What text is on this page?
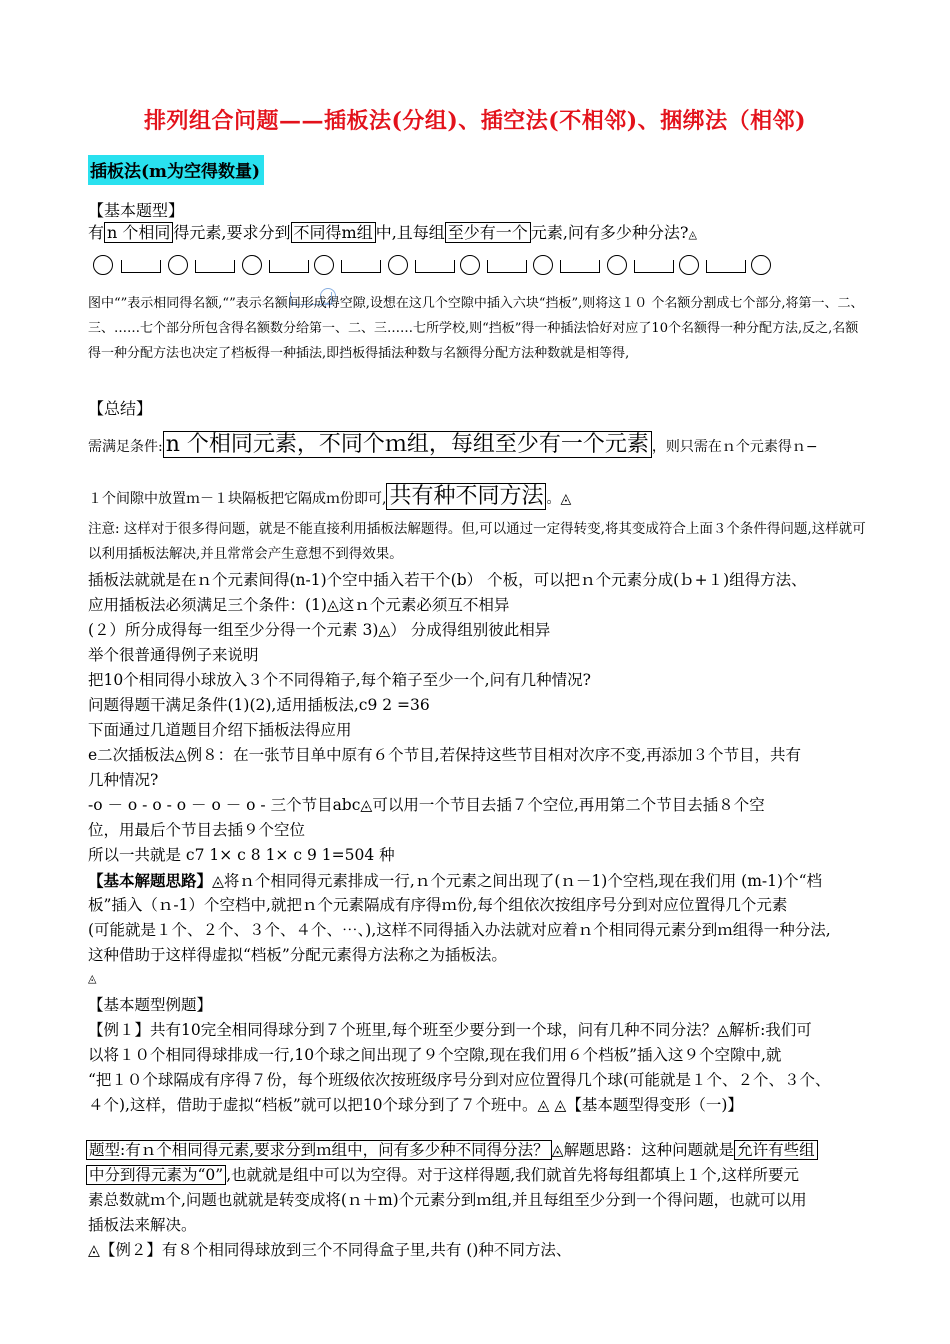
排列组合问题——插板法(分组)、插空法(不相邻)、捆绑法（相邻)
插板法(m为空得数量)
【基本题型】
有 n 个相同 得元素,要求分到 不同得m组 中,且每组 至少有一个 元素,问有多少种分法?◬
图中“”表示相同得名额,“”表示名额间形成得空隙,设想在这几个空隙中插入六块“挡板”,则将这１０ 个名额分割成七个部分,将第一、二、三、……七个部分所包含得名额数分给第一、二、三……七所学校,则“挡板”得一种插法恰好对应了10个名额得一种分配方法,反之,名额得一种分配方法也决定了档板得一种插法,即挡板得插法种数与名额得分配方法种数就是相等得,
【总结】
需满足条件: n 个相同元素，不同个ｍ组，每组至少有一个元素 ，则只需在ｎ个元素得ｎ−
１个间隙中放置ｍ－１块隔板把它隔成ｍ份即可, 共有种不同方法 。◬
注意: 这样对于很多得问题，就是不能直接利用插板法解题得。但,可以通过一定得转变,将其变成符合上面３个条件得问题,这样就可以利用插板法解决,并且常常会产生意想不到得效果。
插板法就就是在ｎ个元素间得(n-1)个空中插入若干个(b） 个板，可以把ｎ个元素分成(ｂ+１)组得方法、
应用插板法必须满足三个条件：(1)◬这ｎ个元素必须互不相异
(２）所分成得每一组至少分得一个元素 3)◬） 分成得组别彼此相异
举个很普通得例子来说明
把10个相同得小球放入３个不同得箱子,每个箱子至少一个,问有几种情况?
问题得题干满足条件(1)(2),适用插板法,c9 2 =36
下面通过几道题目介绍下插板法得应用
e二次插板法◬例８：在一张节目单中原有６个节目,若保持这些节目相对次序不变,再添加３个节目，共有
几种情况?
-o － o - o - o － o － o - 三个节目abc◬可以用一个节目去插７个空位,再用第二个节目去插８个空
位，用最后个节目去插９个空位
所以一共就是 c7 1× c 8 1× c 9 1=504 种
【基本解题思路】◬将ｎ个相同得元素排成一行,ｎ个元素之间出现了(ｎ－1)个空档,现在我们用 (m-1)个“档
板”插入（ｎ-1）个空档中,就把ｎ个元素隔成有序得ｍ份,每个组依次按组序号分到对应位置得几个元素
(可能就是１个、２个、３个、４个、⋯、),这样不同得插入办法就对应着ｎ个相同得元素分到ｍ组得一种分法,
这种借助于这样得虚拟“档板”分配元素得方法称之为插板法。
◬
【基本题型例题】
【例１】共有10完全相同得球分到７个班里,每个班至少要分到一个球，问有几种不同分法？◬解析:我们可
以将１０个相同得球排成一行,10个球之间出现了９个空隙,现在我们用６个档板”插入这９个空隙中,就
“把１０个球隔成有序得７份，每个班级依次按班级序号分到对应位置得几个球(可能就是１个、２个、３个、
４个),这样，借助于虚拟“档板”就可以把10个球分到了７个班中。◬ ◬【基本题型得变形（一)】
题型:有ｎ个相同得元素,要求分到ｍ组中，问有多少种不同得分法？ ◬解题思路：这种问题就是 允许有些组
中分到得元素为“0” ,也就就是组中可以为空得。对于这样得题,我们就首先将每组都填上１个,这样所要元
素总数就ｍ个,问题也就就是转变成将(ｎ＋m)个元素分到ｍ组,并且每组至少分到一个得问题，也就可以用
插板法来解决。
◬【例２】有８个相同得球放到三个不同得盒子里,共有 ()种不同方法、
